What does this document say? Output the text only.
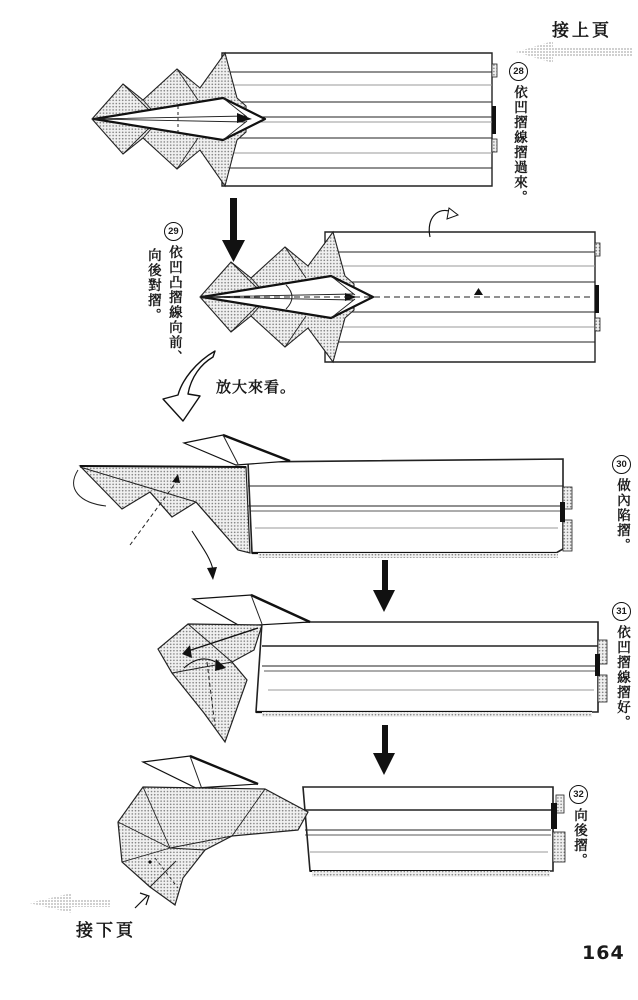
接上頁
28
依凹摺線摺過來。
向後對摺。
29
依凹凸摺線向前、
放大來看。
30
做內陷摺。
31
依凹摺線摺好。
32
向後摺。
接下頁
164
